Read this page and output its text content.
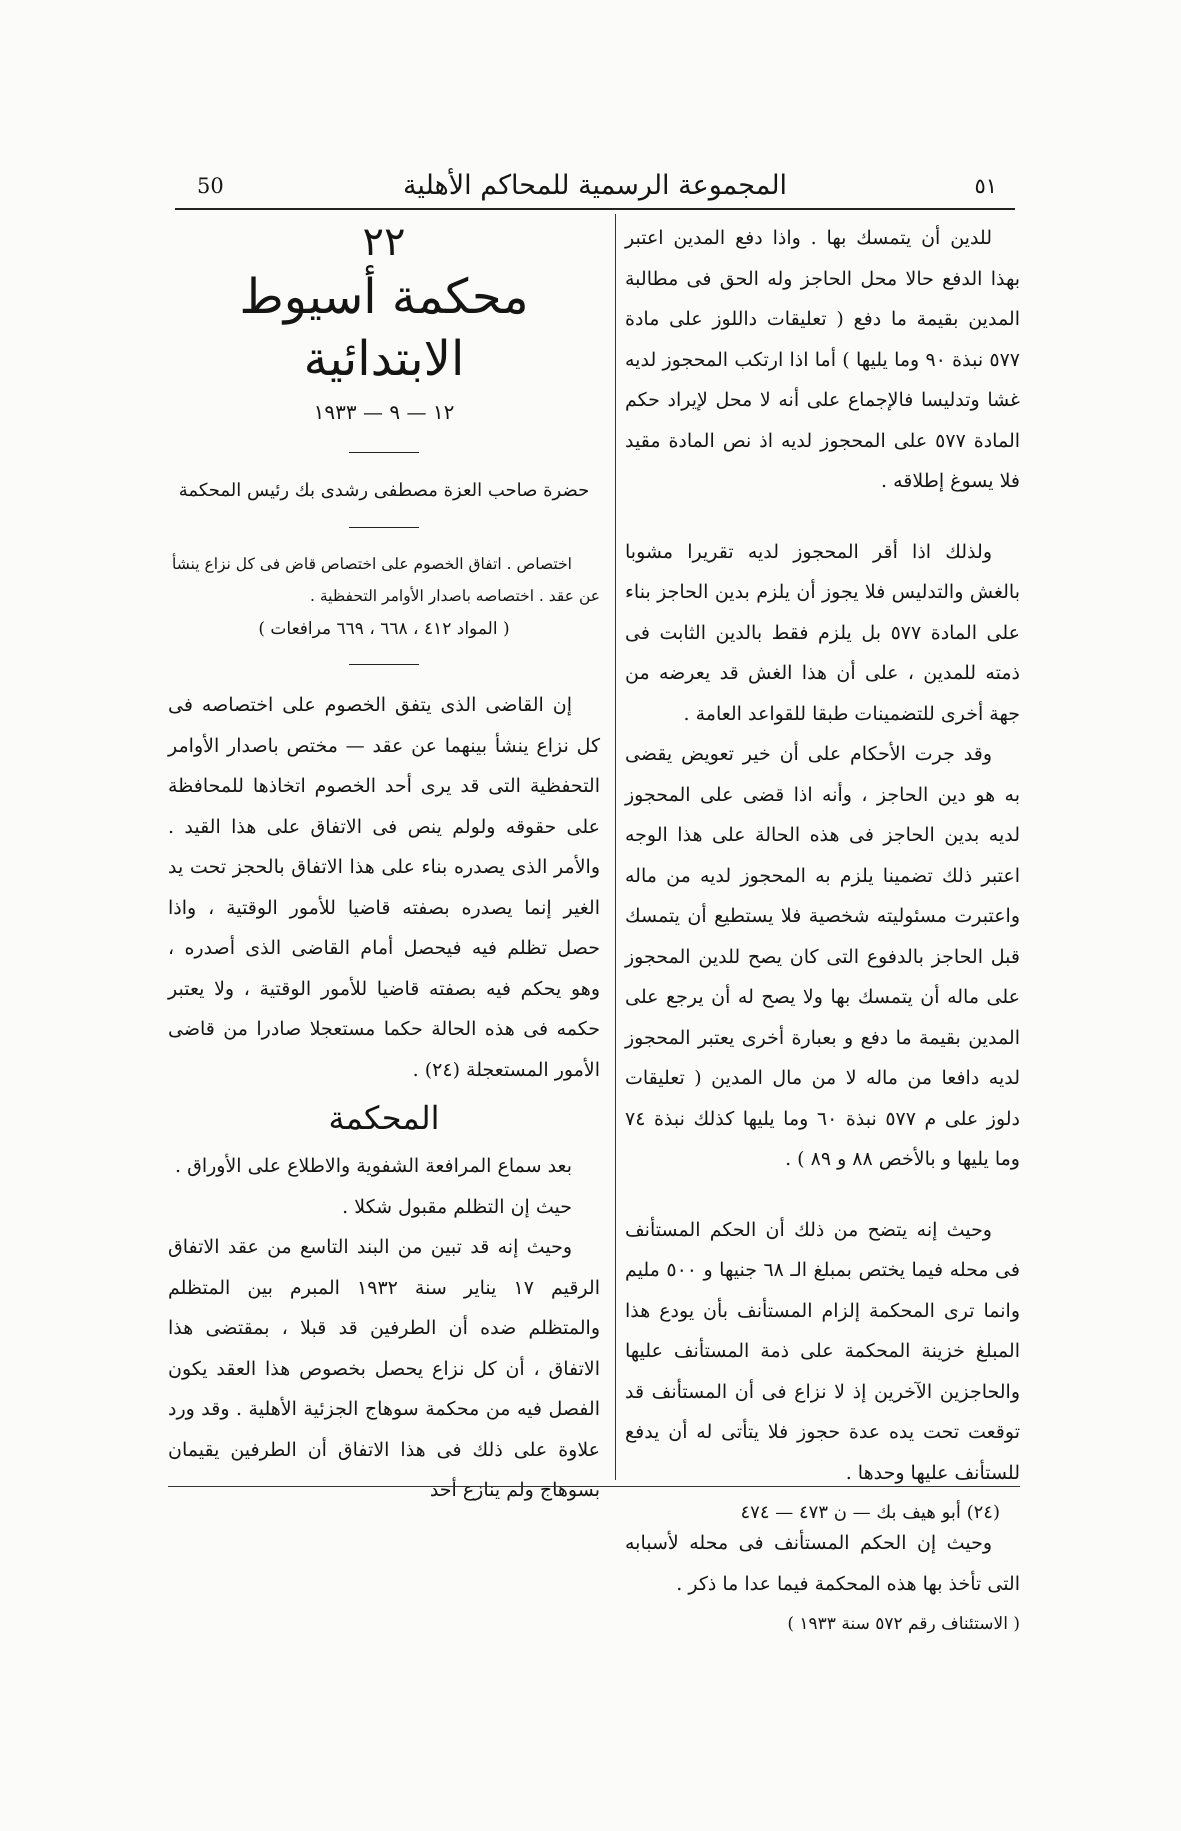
50	المجموعة الرسمية للمحاكم الأهلية	٥١

للدين أن يتمسك بها . واذا دفع المدين اعتبر بهذا الدفع حالا محل الحاجز وله الحق فى مطالبة المدين بقيمة ما دفع ( تعليقات داللوز على مادة ٥٧٧ نبذة ٩٠ وما يليها ) أما اذا ارتكب المحجوز لديه غشا وتدليسا فالإجماع على أنه لا محل لإيراد حكم المادة ٥٧٧ على المحجوز لديه اذ نص المادة مقيد فلا يسوغ إطلاقه .

ولذلك اذا أقر المحجوز لديه تقريرا مشوبا بالغش والتدليس فلا يجوز أن يلزم بدين الحاجز بناء على المادة ٥٧٧ بل يلزم فقط بالدين الثابت فى ذمته للمدين ، على أن هذا الغش قد يعرضه من جهة أخرى للتضمينات طبقا للقواعد العامة .

وقد جرت الأحكام على أن خير تعويض يقضى به هو دين الحاجز ، وأنه اذا قضى على المحجوز لديه بدين الحاجز فى هذه الحالة على هذا الوجه اعتبر ذلك تضمينا يلزم به المحجوز لديه من ماله واعتبرت مسئوليته شخصية فلا يستطيع أن يتمسك قبل الحاجز بالدفوع التى كان يصح للدين المحجوز على ماله أن يتمسك بها ولا يصح له أن يرجع على المدين بقيمة ما دفع و بعبارة أخرى يعتبر المحجوز لديه دافعا من ماله لا من مال المدين ( تعليقات دلوز على م ٥٧٧ نبذة ٦٠ وما يليها كذلك نبذة ٧٤ وما يليها و بالأخص ٨٨ و ٨٩ ) .

وحيث إنه يتضح من ذلك أن الحكم المستأنف فى محله فيما يختص بمبلغ الـ ٦٨ جنيها و ٥٠٠ مليم وانما ترى المحكمة إلزام المستأنف بأن يودع هذا المبلغ خزينة المحكمة على ذمة المستأنف عليها والحاجزين الآخرين إذ لا نزاع فى أن المستأنف قد توقعت تحت يده عدة حجوز فلا يتأتى له أن يدفع للستأنف عليها وحدها .

وحيث إن الحكم المستأنف فى محله لأسبابه التى تأخذ بها هذه المحكمة فيما عدا ما ذكر .

( الاستئناف رقم ٥٧٢ سنة ١٩٣٣ )

٢٢

محكمة أسيوط الابتدائية

١٢ — ٩ — ١٩٣٣

حضرة صاحب العزة مصطفى رشدى بك رئيس المحكمة

اختصاص . اتفاق الخصوم على اختصاص قاض فى كل نزاع ينشأ

عن عقد . اختصاصه باصدار الأوامر التحفظية .

( المواد ٤١٢ ، ٦٦٨ ، ٦٦٩ مرافعات )

إن القاضى الذى يتفق الخصوم على اختصاصه فى كل نزاع ينشأ بينهما عن عقد — مختص باصدار الأوامر التحفظية التى قد يرى أحد الخصوم اتخاذها للمحافظة على حقوقه ولولم ينص فى الاتفاق على هذا القيد . والأمر الذى يصدره بناء على هذا الاتفاق بالحجز تحت يد الغير إنما يصدره بصفته قاضيا للأمور الوقتية ، واذا حصل تظلم فيه فيحصل أمام القاضى الذى أصدره ، وهو يحكم فيه بصفته قاضيا للأمور الوقتية ، ولا يعتبر حكمه فى هذه الحالة حكما مستعجلا صادرا من قاضى الأمور المستعجلة (٢٤) .

المحكمة

بعد سماع المرافعة الشفوية والاطلاع على الأوراق .

حيث إن التظلم مقبول شكلا .

وحيث إنه قد تبين من البند التاسع من عقد الاتفاق الرقيم ١٧ يناير سنة ١٩٣٢ المبرم بين المتظلم والمتظلم ضده أن الطرفين قد قبلا ، بمقتضى هذا الاتفاق ، أن كل نزاع يحصل بخصوص هذا العقد يكون الفصل فيه من محكمة سوهاج الجزئية الأهلية . وقد ورد علاوة على ذلك فى هذا الاتفاق أن الطرفين يقيمان بسوهاج ولم ينازع أحد

(٢٤) أبو هيف بك — ن ٤٧٣ — ٤٧٤
